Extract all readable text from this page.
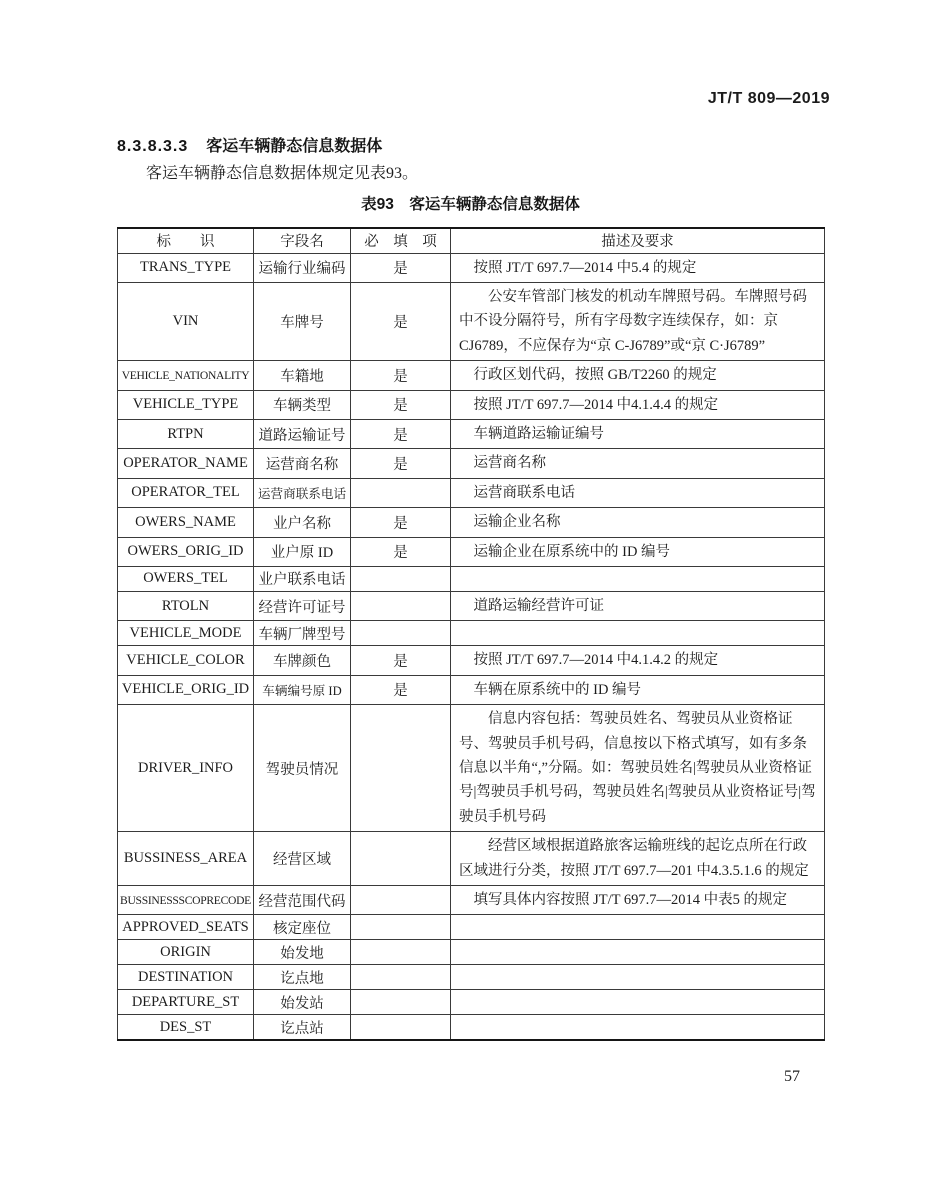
JT/T 809—2019
8.3.8.3.3 客运车辆静态信息数据体
客运车辆静态信息数据体规定见表93。
表93　客运车辆静态信息数据体
标　　识	字段名	必　填　项	描述及要求
TRANS_TYPE	运输行业编码	是	按照 JT/T 697.7—2014 中5.4 的规定
VIN	车牌号	是	公安车管部门核发的机动车牌照号码。车牌照号码中不设分隔符号，所有字母数字连续保存，如：京 CJ6789，不应保存为“京 C-J6789”或“京 C·J6789”
VEHICLE_NATIONALITY	车籍地	是	行政区划代码，按照 GB/T2260 的规定
VEHICLE_TYPE	车辆类型	是	按照 JT/T 697.7—2014 中4.1.4.4 的规定
RTPN	道路运输证号	是	车辆道路运输证编号
OPERATOR_NAME	运营商名称	是	运营商名称
OPERATOR_TEL	运营商联系电话		运营商联系电话
OWERS_NAME	业户名称	是	运输企业名称
OWERS_ORIG_ID	业户原 ID	是	运输企业在原系统中的 ID 编号
OWERS_TEL	业户联系电话		
RTOLN	经营许可证号		道路运输经营许可证
VEHICLE_MODE	车辆厂牌型号		
VEHICLE_COLOR	车牌颜色	是	按照 JT/T 697.7—2014 中4.1.4.2 的规定
VEHICLE_ORIG_ID	车辆编号原 ID	是	车辆在原系统中的 ID 编号
DRIVER_INFO	驾驶员情况		信息内容包括：驾驶员姓名、驾驶员从业资格证号、驾驶员手机号码，信息按以下格式填写，如有多条信息以半角“,”分隔。如：驾驶员姓名|驾驶员从业资格证号|驾驶员手机号码，驾驶员姓名|驾驶员从业资格证号|驾驶员手机号码
BUSSINESS_AREA	经营区域		经营区域根据道路旅客运输班线的起讫点所在行政区域进行分类，按照 JT/T 697.7—201 中4.3.5.1.6 的规定
BUSSINESSSCOPRECODE	经营范围代码		填写具体内容按照 JT/T 697.7—2014 中表5 的规定
APPROVED_SEATS	核定座位		
ORIGIN	始发地		
DESTINATION	讫点地		
DEPARTURE_ST	始发站		
DES_ST	讫点站		
57
